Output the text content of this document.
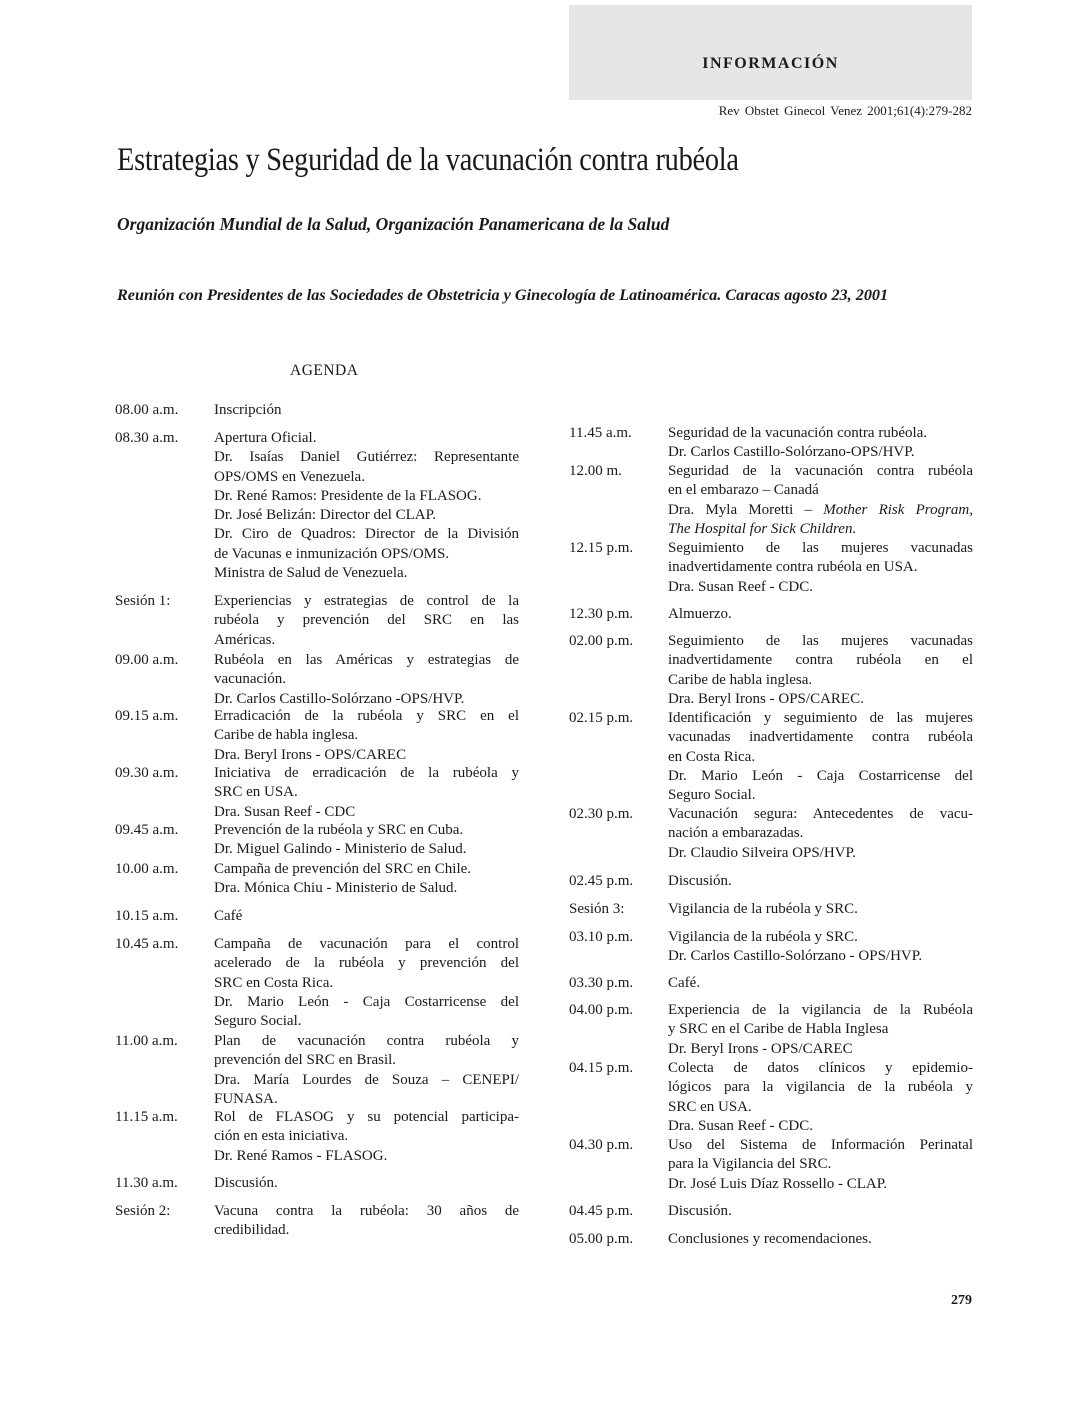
INFORMACIÓN
Rev Obstet Ginecol Venez 2001;61(4):279-282
Estrategias y Seguridad de la vacunación contra rubéola
Organización Mundial de la Salud, Organización Panamericana de la Salud
Reunión con Presidentes de las Sociedades de Obstetricia y Ginecología de Latinoamérica. Caracas agosto 23, 2001
AGENDA
08.00 a.m.	Inscripción
08.30 a.m.	Apertura Oficial.
Dr. Isaías Daniel Gutiérrez: Representante
OPS/OMS en Venezuela.
Dr. René Ramos: Presidente de la FLASOG.
Dr. José Belizán: Director del CLAP.
Dr. Ciro de Quadros: Director de la División
de Vacunas e inmunización OPS/OMS.
Ministra de Salud de Venezuela.
Sesión 1:	Experiencias y estrategias de control de la
rubéola y prevención del SRC en las
Américas.
09.00 a.m.	Rubéola en las Américas y estrategias de
vacunación.
Dr. Carlos Castillo-Solórzano -OPS/HVP.
09.15 a.m.	Erradicación de la rubéola y SRC en el
Caribe de habla inglesa.
Dra. Beryl Irons - OPS/CAREC
09.30 a.m.	Iniciativa de erradicación de la rubéola y
SRC en USA.
Dra. Susan Reef - CDC
09.45 a.m.	Prevención de la rubéola y SRC en Cuba.
Dr. Miguel Galindo - Ministerio de Salud.
10.00 a.m.	Campaña de prevención del SRC en Chile.
Dra. Mónica Chiu - Ministerio de Salud.
10.15 a.m.	Café
10.45 a.m.	Campaña de vacunación para el control
acelerado de la rubéola y prevención del
SRC en Costa Rica.
Dr. Mario León - Caja Costarricense del
Seguro Social.
11.00 a.m.	Plan de vacunación contra rubéola y
prevención del SRC en Brasil.
Dra. María Lourdes de Souza – CENEPI/
FUNASA.
11.15 a.m.	Rol de FLASOG y su potencial participa-
ción en esta iniciativa.
Dr. René Ramos - FLASOG.
11.30 a.m.	Discusión.
Sesión 2:	Vacuna contra la rubéola: 30 años de
credibilidad.
11.45 a.m.	Seguridad de la vacunación contra rubéola.
Dr. Carlos Castillo-Solórzano-OPS/HVP.
12.00 m.	Seguridad de la vacunación contra rubéola
en el embarazo – Canadá
Dra. Myla Moretti – Mother Risk Program,
The Hospital for Sick Children.
12.15 p.m.	Seguimiento de las mujeres vacunadas
inadvertidamente contra rubéola en USA.
Dra. Susan Reef - CDC.
12.30 p.m.	Almuerzo.
02.00 p.m.	Seguimiento de las mujeres vacunadas
inadvertidamente contra rubéola en el
Caribe de habla inglesa.
Dra. Beryl Irons - OPS/CAREC.
02.15 p.m.	Identificación y seguimiento de las mujeres
vacunadas inadvertidamente contra rubéola
en Costa Rica.
Dr. Mario León - Caja Costarricense del
Seguro Social.
02.30 p.m.	Vacunación segura: Antecedentes de vacu-
nación a embarazadas.
Dr. Claudio Silveira OPS/HVP.
02.45 p.m.	Discusión.
Sesión 3:	Vigilancia de la rubéola y SRC.
03.10 p.m.	Vigilancia de la rubéola y SRC.
Dr. Carlos Castillo-Solórzano - OPS/HVP.
03.30 p.m.	Café.
04.00 p.m.	Experiencia de la vigilancia de la Rubéola
y SRC en el Caribe de Habla Inglesa
Dr. Beryl Irons - OPS/CAREC
04.15 p.m.	Colecta de datos clínicos y epidemio-
lógicos para la vigilancia de la rubéola y
SRC en USA.
Dra. Susan Reef - CDC.
04.30 p.m.	Uso del Sistema de Información Perinatal
para la Vigilancia del SRC.
Dr. José Luis Díaz Rossello - CLAP.
04.45 p.m.	Discusión.
05.00 p.m.	Conclusiones y recomendaciones.
279
